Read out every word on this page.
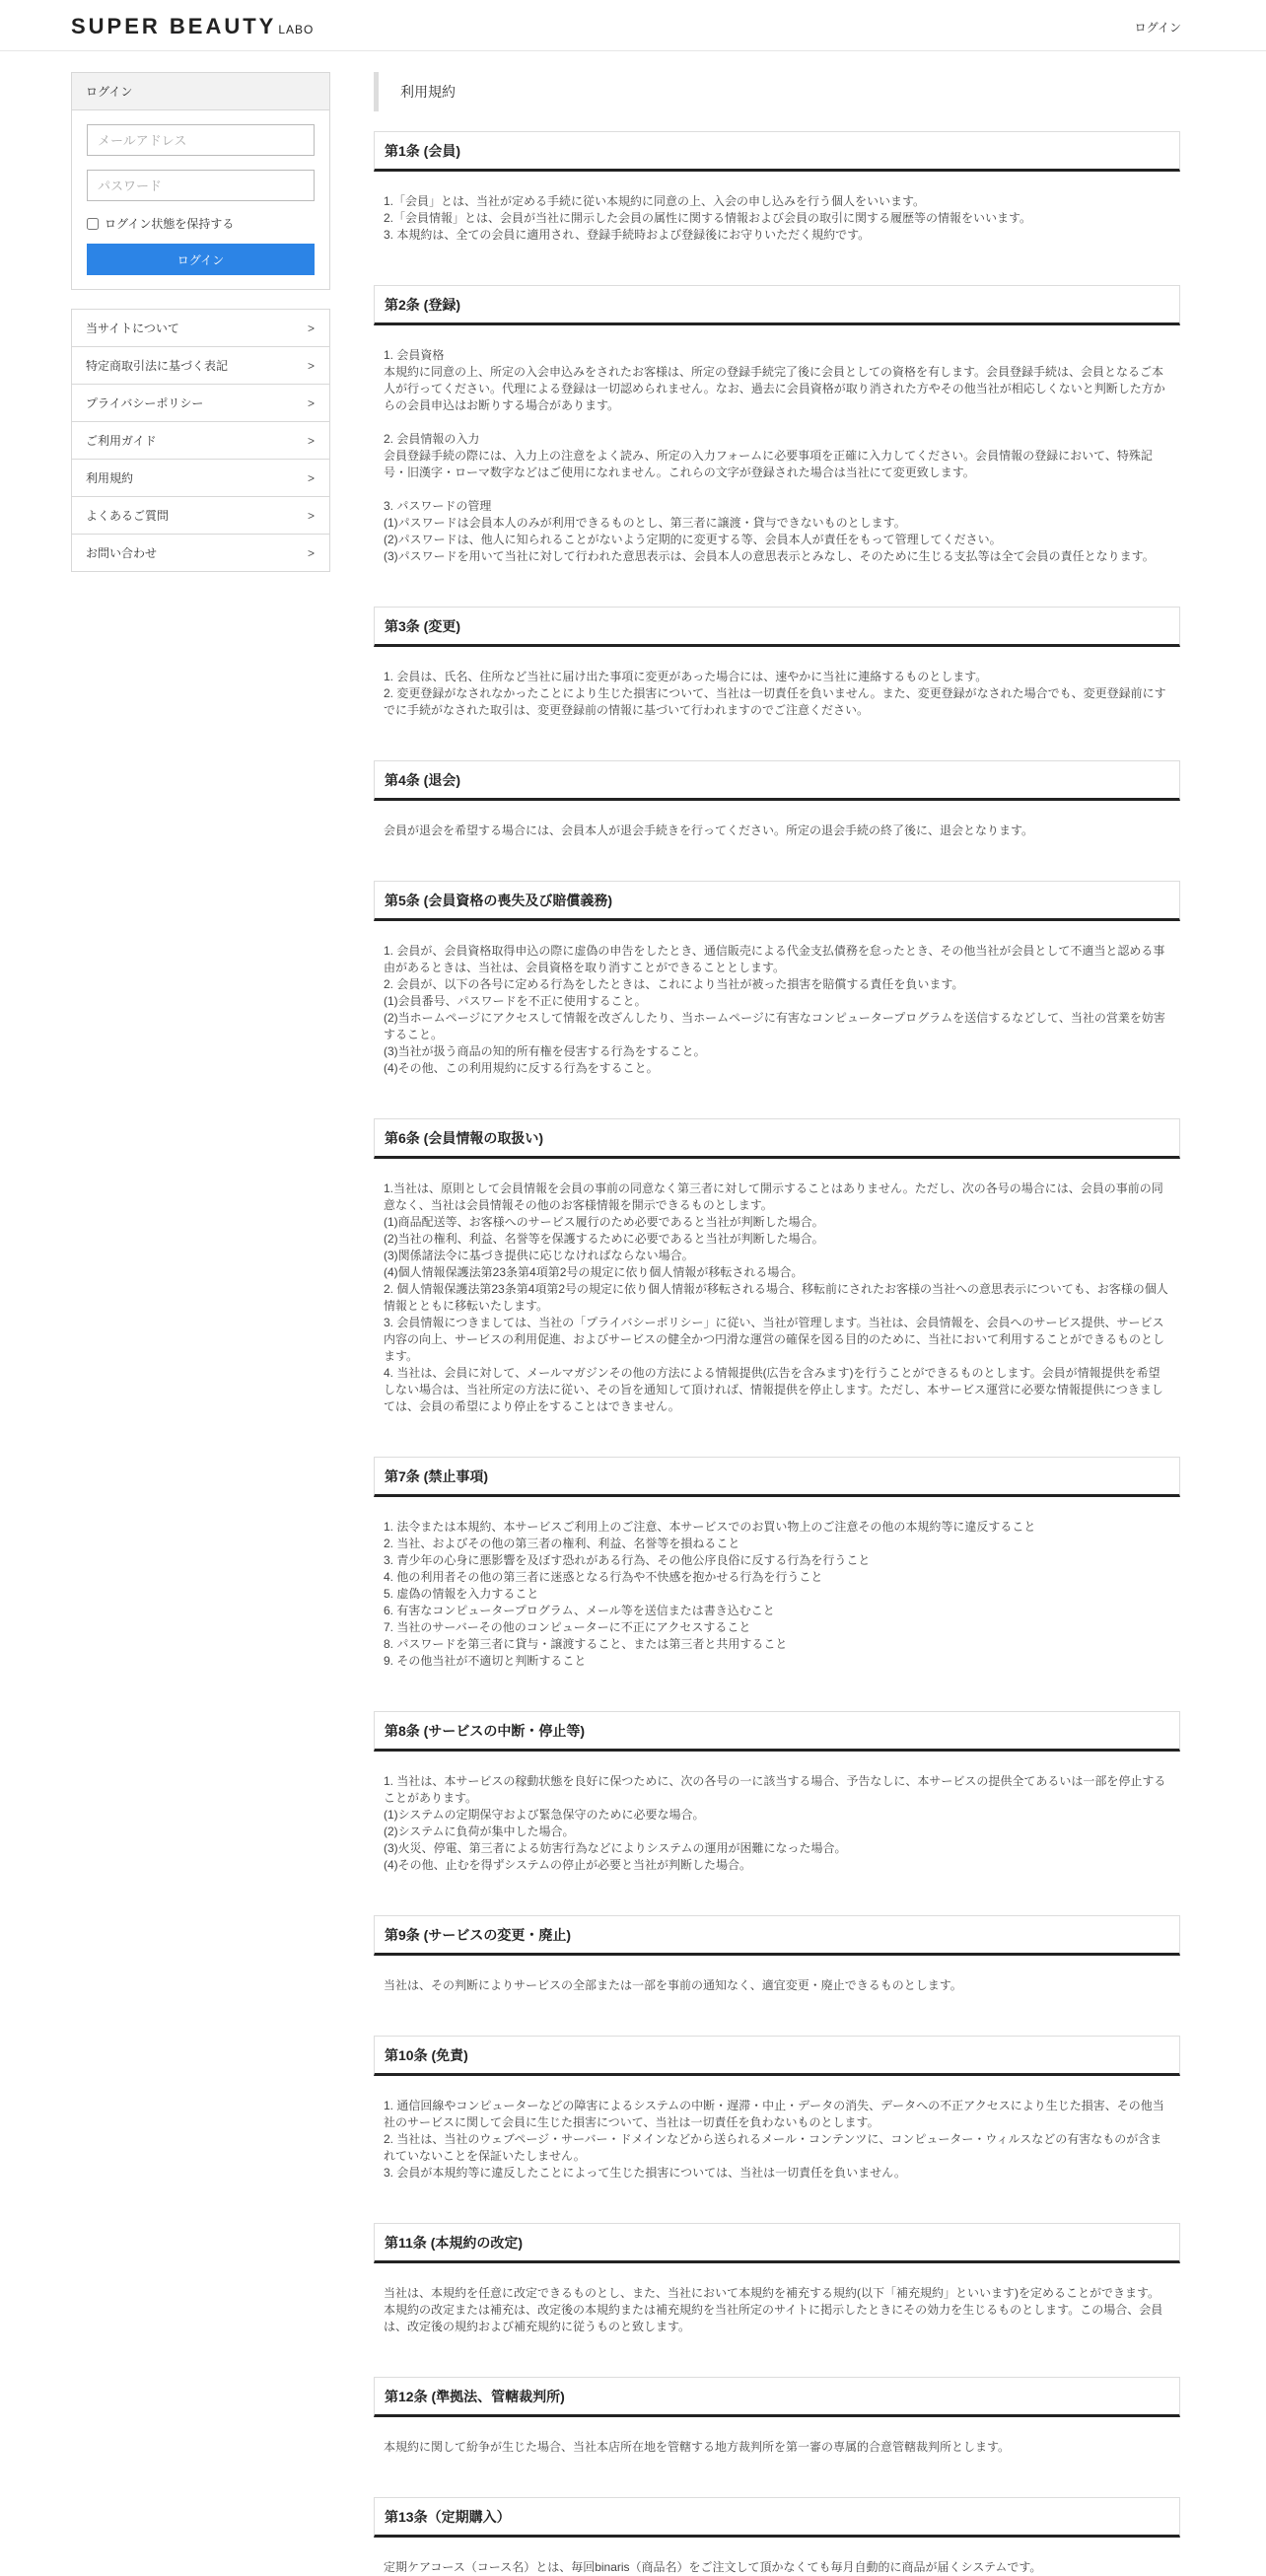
SUPER BEAUTY LABO	ログイン
ログイン
メールアドレス
ログイン状態を保持する
ログイン
当サイトについて	>
特定商取引法に基づく表記	>
プライバシーポリシー	>
ご利用ガイド	>
利用規約	>
よくあるご質問	>
お問い合わせ	>
利用規約
第1条 (会員)
1.「会員」とは、当社が定める手続に従い本規約に同意の上、入会の申し込みを行う個人をいいます。
2.「会員情報」とは、会員が当社に開示した会員の属性に関する情報および会員の取引に関する履歴等の情報をいいます。
3. 本規約は、全ての会員に適用され、登録手続時および登録後にお守りいただく規約です。
第2条 (登録)
1. 会員資格
本規約に同意の上、所定の入会申込みをされたお客様は、所定の登録手続完了後に会員としての資格を有します。会員登録手続は、会員となるご本人が行ってください。代理による登録は一切認められません。なお、過去に会員資格が取り消された方やその他当社が相応しくないと判断した方からの会員申込はお断りする場合があります。
2. 会員情報の入力
会員登録手続の際には、入力上の注意をよく読み、所定の入力フォームに必要事項を正確に入力してください。会員情報の登録において、特殊記号・旧漢字・ローマ数字などはご使用になれません。これらの文字が登録された場合は当社にて変更致します。
3. パスワードの管理
(1)パスワードは会員本人のみが利用できるものとし、第三者に譲渡・貸与できないものとします。
(2)パスワードは、他人に知られることがないよう定期的に変更する等、会員本人が責任をもって管理してください。
(3)パスワードを用いて当社に対して行われた意思表示は、会員本人の意思表示とみなし、そのために生じる支払等は全て会員の責任となります。
第3条 (変更)
1. 会員は、氏名、住所など当社に届け出た事項に変更があった場合には、速やかに当社に連絡するものとします。
2. 変更登録がなされなかったことにより生じた損害について、当社は一切責任を負いません。また、変更登録がなされた場合でも、変更登録前にすでに手続がなされた取引は、変更登録前の情報に基づいて行われますのでご注意ください。
第4条 (退会)
会員が退会を希望する場合には、会員本人が退会手続きを行ってください。所定の退会手続の終了後に、退会となります。
第5条 (会員資格の喪失及び賠償義務)
1. 会員が、会員資格取得申込の際に虚偽の申告をしたとき、通信販売による代金支払債務を怠ったとき、その他当社が会員として不適当と認める事由があるときは、当社は、会員資格を取り消すことができることとします。
2. 会員が、以下の各号に定める行為をしたときは、これにより当社が被った損害を賠償する責任を負います。
(1)会員番号、パスワードを不正に使用すること。
(2)当ホームページにアクセスして情報を改ざんしたり、当ホームページに有害なコンピュータープログラムを送信するなどして、当社の営業を妨害すること。
(3)当社が扱う商品の知的所有権を侵害する行為をすること。
(4)その他、この利用規約に反する行為をすること。
第6条 (会員情報の取扱い)
1.当社は、原則として会員情報を会員の事前の同意なく第三者に対して開示することはありません。ただし、次の各号の場合には、会員の事前の同意なく、当社は会員情報その他のお客様情報を開示できるものとします。
(1)商品配送等、お客様へのサービス履行のため必要であると当社が判断した場合。
(2)当社の権利、利益、名誉等を保護するために必要であると当社が判断した場合。
(3)関係諸法令に基づき提供に応じなければならない場合。
(4)個人情報保護法第23条第4項第2号の規定に依り個人情報が移転される場合。
2. 個人情報保護法第23条第4項第2号の規定に依り個人情報が移転される場合、移転前にされたお客様の当社への意思表示についても、お客様の個人情報とともに移転いたします。
3. 会員情報につきましては、当社の「プライバシーポリシー」に従い、当社が管理します。当社は、会員情報を、会員へのサービス提供、サービス内容の向上、サービスの利用促進、およびサービスの健全かつ円滑な運営の確保を図る目的のために、当社において利用することができるものとします。
4. 当社は、会員に対して、メールマガジンその他の方法による情報提供(広告を含みます)を行うことができるものとします。会員が情報提供を希望しない場合は、当社所定の方法に従い、その旨を通知して頂ければ、情報提供を停止します。ただし、本サービス運営に必要な情報提供につきましては、会員の希望により停止をすることはできません。
第7条 (禁止事項)
1. 法令または本規約、本サービスご利用上のご注意、本サービスでのお買い物上のご注意その他の本規約等に違反すること
2. 当社、およびその他の第三者の権利、利益、名誉等を損ねること
3. 青少年の心身に悪影響を及ぼす恐れがある行為、その他公序良俗に反する行為を行うこと
4. 他の利用者その他の第三者に迷惑となる行為や不快感を抱かせる行為を行うこと
5. 虚偽の情報を入力すること
6. 有害なコンピュータープログラム、メール等を送信または書き込むこと
7. 当社のサーバーその他のコンピューターに不正にアクセスすること
8. パスワードを第三者に貸与・譲渡すること、または第三者と共用すること
9. その他当社が不適切と判断すること
第8条 (サービスの中断・停止等)
1. 当社は、本サービスの稼動状態を良好に保つために、次の各号の一に該当する場合、予告なしに、本サービスの提供全てあるいは一部を停止することがあります。
(1)システムの定期保守および緊急保守のために必要な場合。
(2)システムに負荷が集中した場合。
(3)火災、停電、第三者による妨害行為などによりシステムの運用が困難になった場合。
(4)その他、止むを得ずシステムの停止が必要と当社が判断した場合。
第9条 (サービスの変更・廃止)
当社は、その判断によりサービスの全部または一部を事前の通知なく、適宜変更・廃止できるものとします。
第10条 (免責)
1. 通信回線やコンピューターなどの障害によるシステムの中断・遅滞・中止・データの消失、データへの不正アクセスにより生じた損害、その他当社のサービスに関して会員に生じた損害について、当社は一切責任を負わないものとします。
2. 当社は、当社のウェブページ・サーバー・ドメインなどから送られるメール・コンテンツに、コンピューター・ウィルスなどの有害なものが含まれていないことを保証いたしません。
3. 会員が本規約等に違反したことによって生じた損害については、当社は一切責任を負いません。
第11条 (本規約の改定)
当社は、本規約を任意に改定できるものとし、また、当社において本規約を補充する規約(以下「補充規約」といいます)を定めることができます。本規約の改定または補充は、改定後の本規約または補充規約を当社所定のサイトに掲示したときにその効力を生じるものとします。この場合、会員は、改定後の規約および補充規約に従うものと致します。
第12条 (準拠法、管轄裁判所)
本規約に関して紛争が生じた場合、当社本店所在地を管轄する地方裁判所を第一審の専属的合意管轄裁判所とします。
第13条（定期購入）
定期ケアコース（コース名）とは、毎回binaris（商品名）をご注文して頂かなくても毎月自動的に商品が届くシステムです。
